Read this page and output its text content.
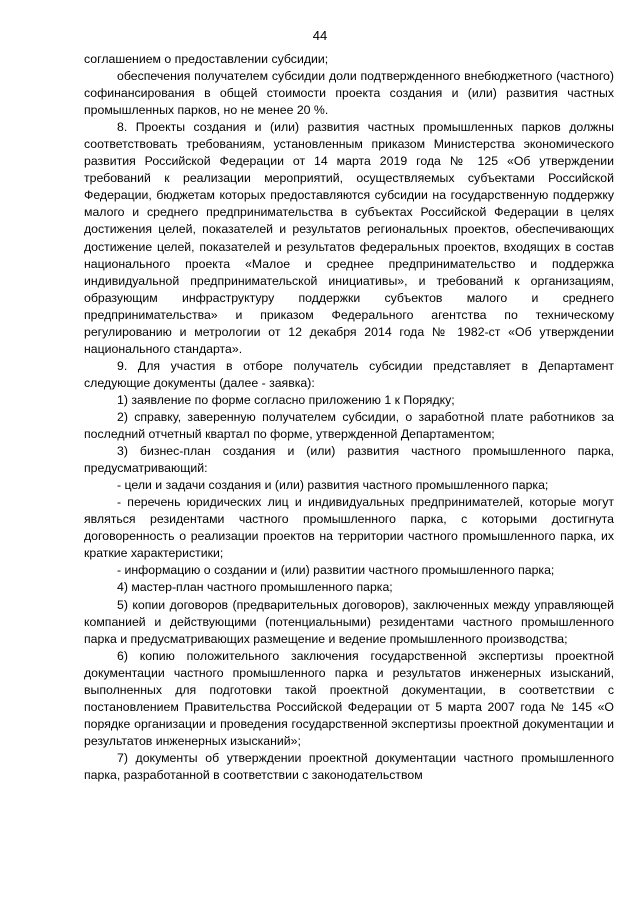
44

соглашением о предоставлении субсидии;

обеспечения получателем субсидии доли подтвержденного внебюджетного (частного) софинансирования в общей стоимости проекта создания и (или) развития частных промышленных парков, но не менее 20 %.

8. Проекты создания и (или) развития частных промышленных парков должны соответствовать требованиям, установленным приказом Министерства экономического развития Российской Федерации от 14 марта 2019 года № 125 «Об утверждении требований к реализации мероприятий, осуществляемых субъектами Российской Федерации, бюджетам которых предоставляются субсидии на государственную поддержку малого и среднего предпринимательства в субъектах Российской Федерации в целях достижения целей, показателей и результатов региональных проектов, обеспечивающих достижение целей, показателей и результатов федеральных проектов, входящих в состав национального проекта «Малое и среднее предпринимательство и поддержка индивидуальной предпринимательской инициативы», и требований к организациям, образующим инфраструктуру поддержки субъектов малого и среднего предпринимательства» и приказом Федерального агентства по техническому регулированию и метрологии от 12 декабря 2014 года № 1982-ст «Об утверждении национального стандарта».

9. Для участия в отборе получатель субсидии представляет в Департамент следующие документы (далее - заявка):

1) заявление по форме согласно приложению 1 к Порядку;

2) справку, заверенную получателем субсидии, о заработной плате работников за последний отчетный квартал по форме, утвержденной Департаментом;

3) бизнес-план создания и (или) развития частного промышленного парка, предусматривающий:

- цели и задачи создания и (или) развития частного промышленного парка;

- перечень юридических лиц и индивидуальных предпринимателей, которые могут являться резидентами частного промышленного парка, с которыми достигнута договоренность о реализации проектов на территории частного промышленного парка, их краткие характеристики;

- информацию о создании и (или) развитии частного промышленного парка;

4) мастер-план частного промышленного парка;

5) копии договоров (предварительных договоров), заключенных между управляющей компанией и действующими (потенциальными) резидентами частного промышленного парка и предусматривающих размещение и ведение промышленного производства;

6) копию положительного заключения государственной экспертизы проектной документации частного промышленного парка и результатов инженерных изысканий, выполненных для подготовки такой проектной документации, в соответствии с постановлением Правительства Российской Федерации от 5 марта 2007 года № 145 «О порядке организации и проведения государственной экспертизы проектной документации и результатов инженерных изысканий»;

7) документы об утверждении проектной документации частного промышленного парка, разработанной в соответствии с законодательством
